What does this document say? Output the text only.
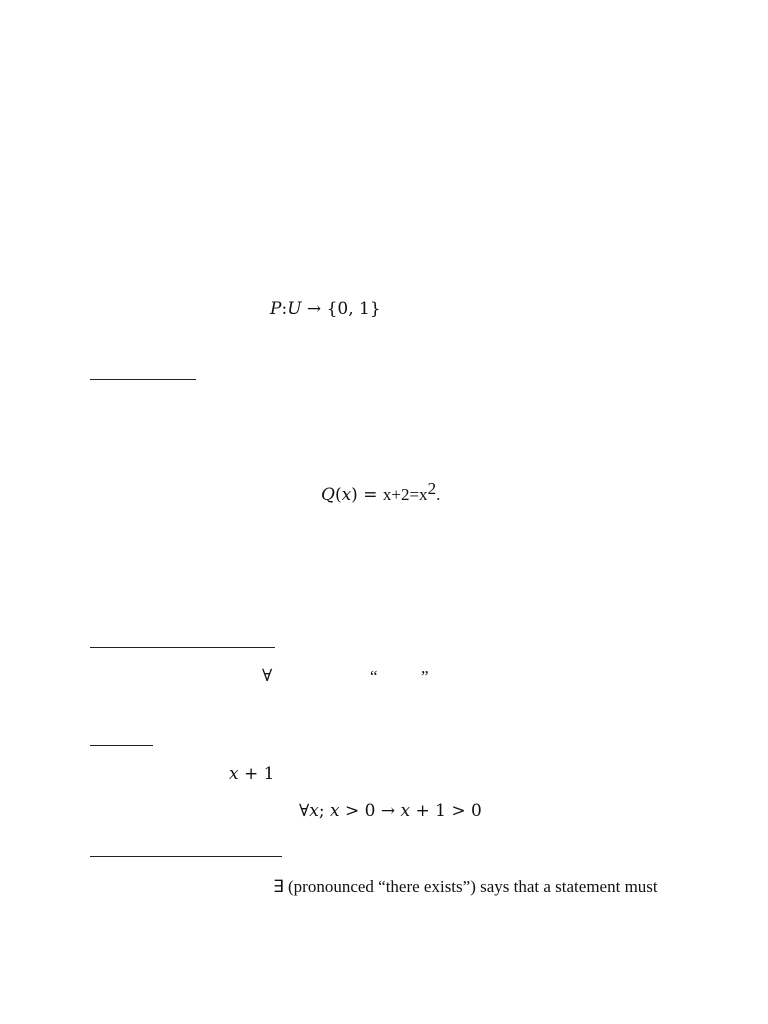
P:U → {0, 1}
$Q(x) = x+2=x^2$.
∀	“	”
x + 1
∀x; x > 0 → x + 1 > 0
∃ (pronounced “there exists”) says that a statement must
